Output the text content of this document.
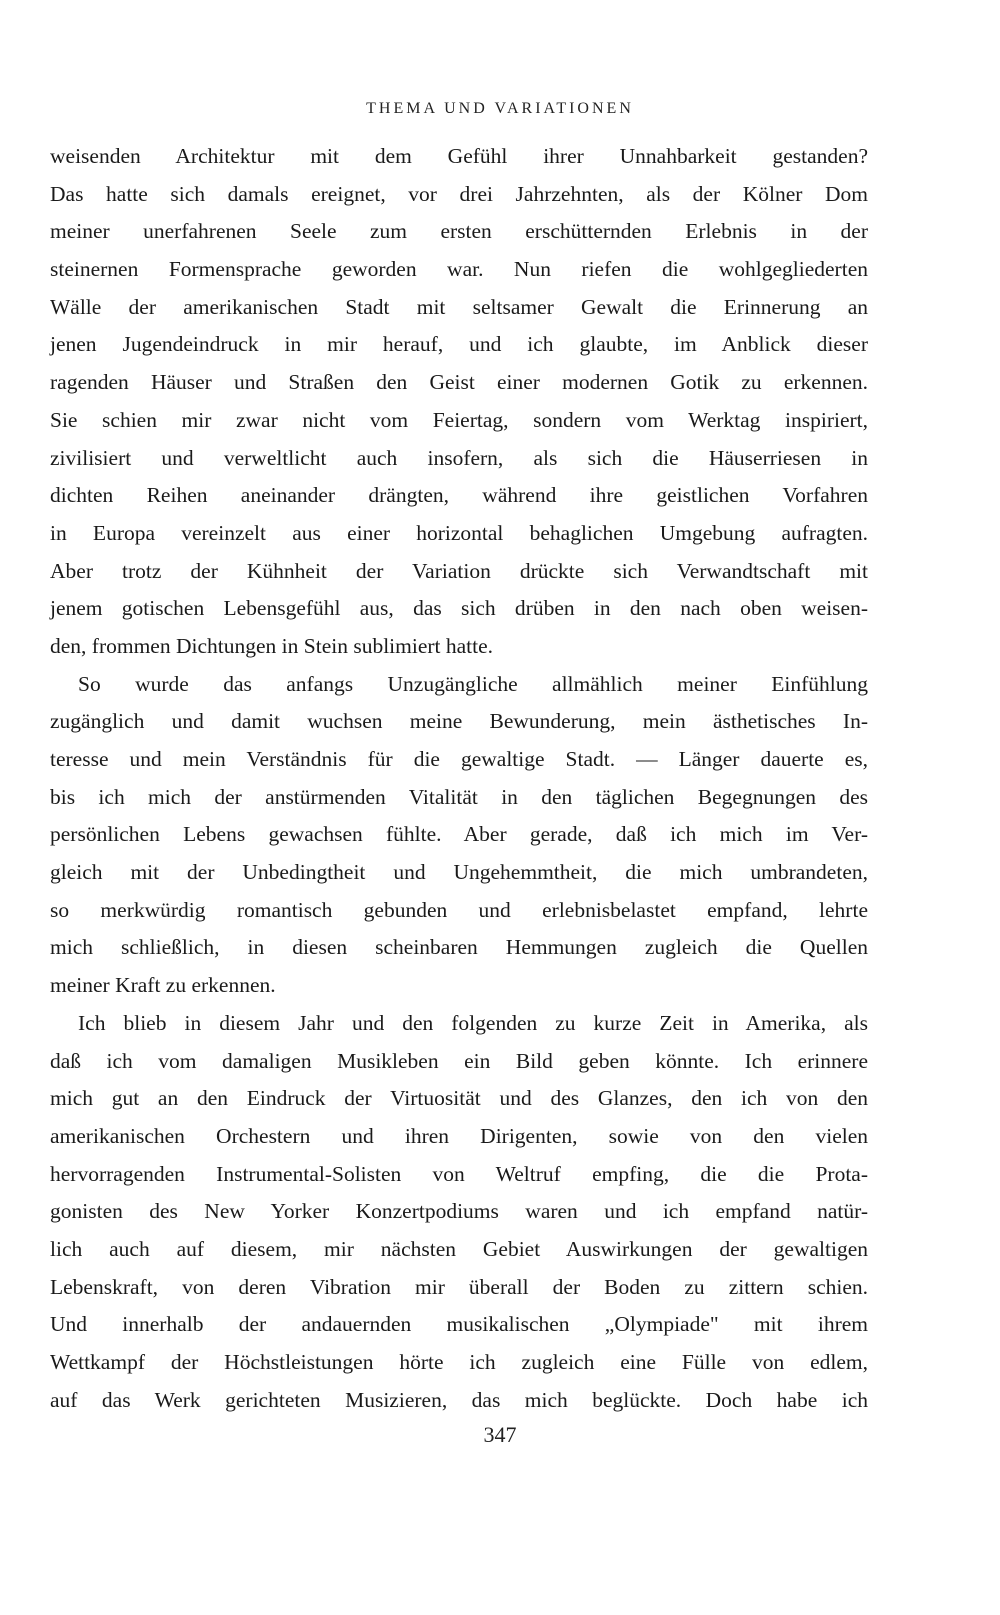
THEMA UND VARIATIONEN
weisenden Architektur mit dem Gefühl ihrer Unnahbarkeit gestanden?
Das hatte sich damals ereignet, vor drei Jahrzehnten, als der Kölner Dom
meiner unerfahrenen Seele zum ersten erschütternden Erlebnis in der
steinernen Formensprache geworden war. Nun riefen die wohlgegliederten
Wälle der amerikanischen Stadt mit seltsamer Gewalt die Erinnerung an
jenen Jugendeindruck in mir herauf, und ich glaubte, im Anblick dieser
ragenden Häuser und Straßen den Geist einer modernen Gotik zu erkennen.
Sie schien mir zwar nicht vom Feiertag, sondern vom Werktag inspiriert,
zivilisiert und verweltlicht auch insofern, als sich die Häuserriesen in
dichten Reihen aneinander drängten, während ihre geistlichen Vorfahren
in Europa vereinzelt aus einer horizontal behaglichen Umgebung aufragten.
Aber trotz der Kühnheit der Variation drückte sich Verwandtschaft mit
jenem gotischen Lebensgefühl aus, das sich drüben in den nach oben weisen-
den, frommen Dichtungen in Stein sublimiert hatte.
So wurde das anfangs Unzugängliche allmählich meiner Einfühlung
zugänglich und damit wuchsen meine Bewunderung, mein ästhetisches In-
teresse und mein Verständnis für die gewaltige Stadt. — Länger dauerte es,
bis ich mich der anstürmenden Vitalität in den täglichen Begegnungen des
persönlichen Lebens gewachsen fühlte. Aber gerade, daß ich mich im Ver-
gleich mit der Unbedingtheit und Ungehemmtheit, die mich umbrandeten,
so merkwürdig romantisch gebunden und erlebnisbelastet empfand, lehrte
mich schließlich, in diesen scheinbaren Hemmungen zugleich die Quellen
meiner Kraft zu erkennen.
Ich blieb in diesem Jahr und den folgenden zu kurze Zeit in Amerika, als
daß ich vom damaligen Musikleben ein Bild geben könnte. Ich erinnere
mich gut an den Eindruck der Virtuosität und des Glanzes, den ich von den
amerikanischen Orchestern und ihren Dirigenten, sowie von den vielen
hervorragenden Instrumental-Solisten von Weltruf empfing, die die Prota-
gonisten des New Yorker Konzertpodiums waren und ich empfand natür-
lich auch auf diesem, mir nächsten Gebiet Auswirkungen der gewaltigen
Lebenskraft, von deren Vibration mir überall der Boden zu zittern schien.
Und innerhalb der andauernden musikalischen „Olympiade" mit ihrem
Wettkampf der Höchstleistungen hörte ich zugleich eine Fülle von edlem,
auf das Werk gerichteten Musizieren, das mich beglückte. Doch habe ich
347
